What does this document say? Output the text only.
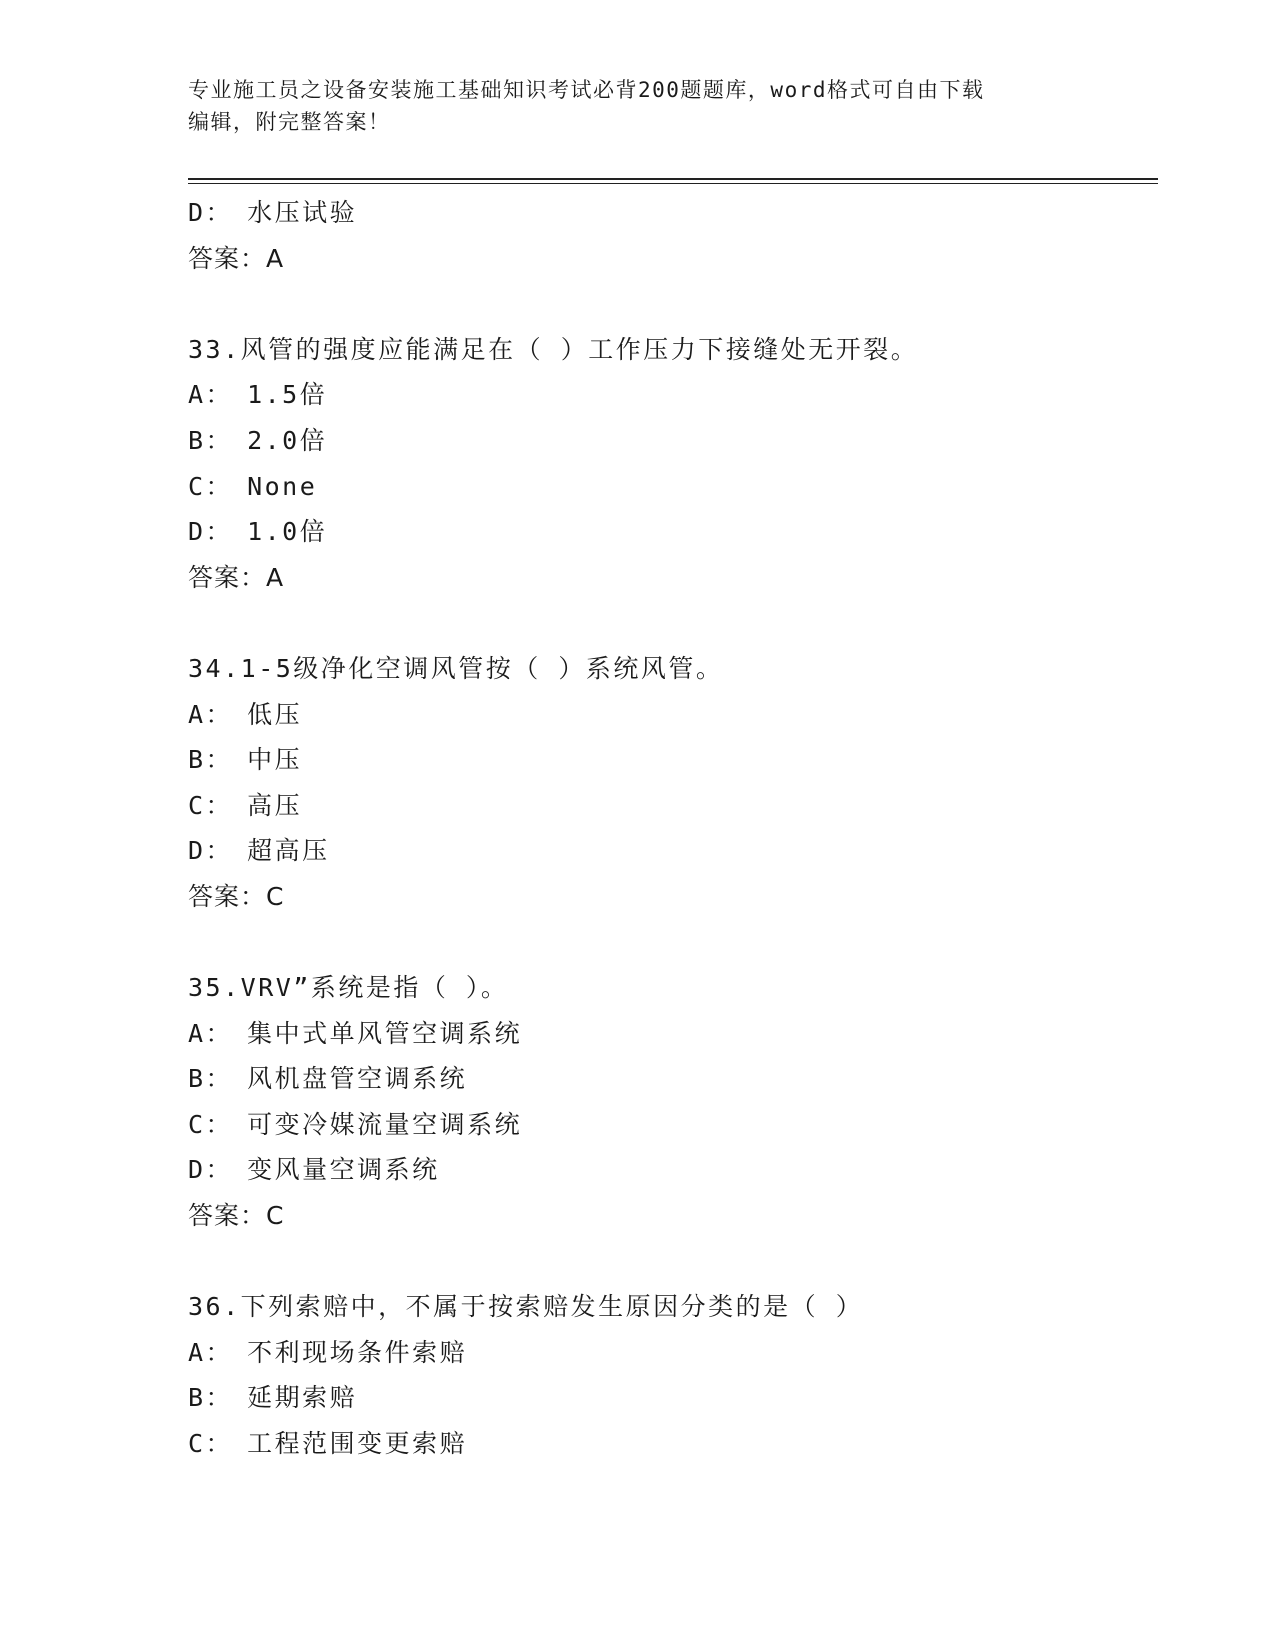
专业施工员之设备安装施工基础知识考试必背200题题库，word格式可自由下载
编辑，附完整答案！
D： 水压试验
答案：A
33.风管的强度应能满足在（ ）工作压力下接缝处无开裂。
A： 1.5倍
B： 2.0倍
C： None
D： 1.0倍
答案：A
34.1-5级净化空调风管按（ ）系统风管。
A： 低压
B： 中压
C： 高压
D： 超高压
答案：C
35.VRV”系统是指（ ）。
A： 集中式单风管空调系统
B： 风机盘管空调系统
C： 可变冷媒流量空调系统
D： 变风量空调系统
答案：C
36.下列索赔中，不属于按索赔发生原因分类的是（ ）
A： 不利现场条件索赔
B： 延期索赔
C： 工程范围变更索赔
